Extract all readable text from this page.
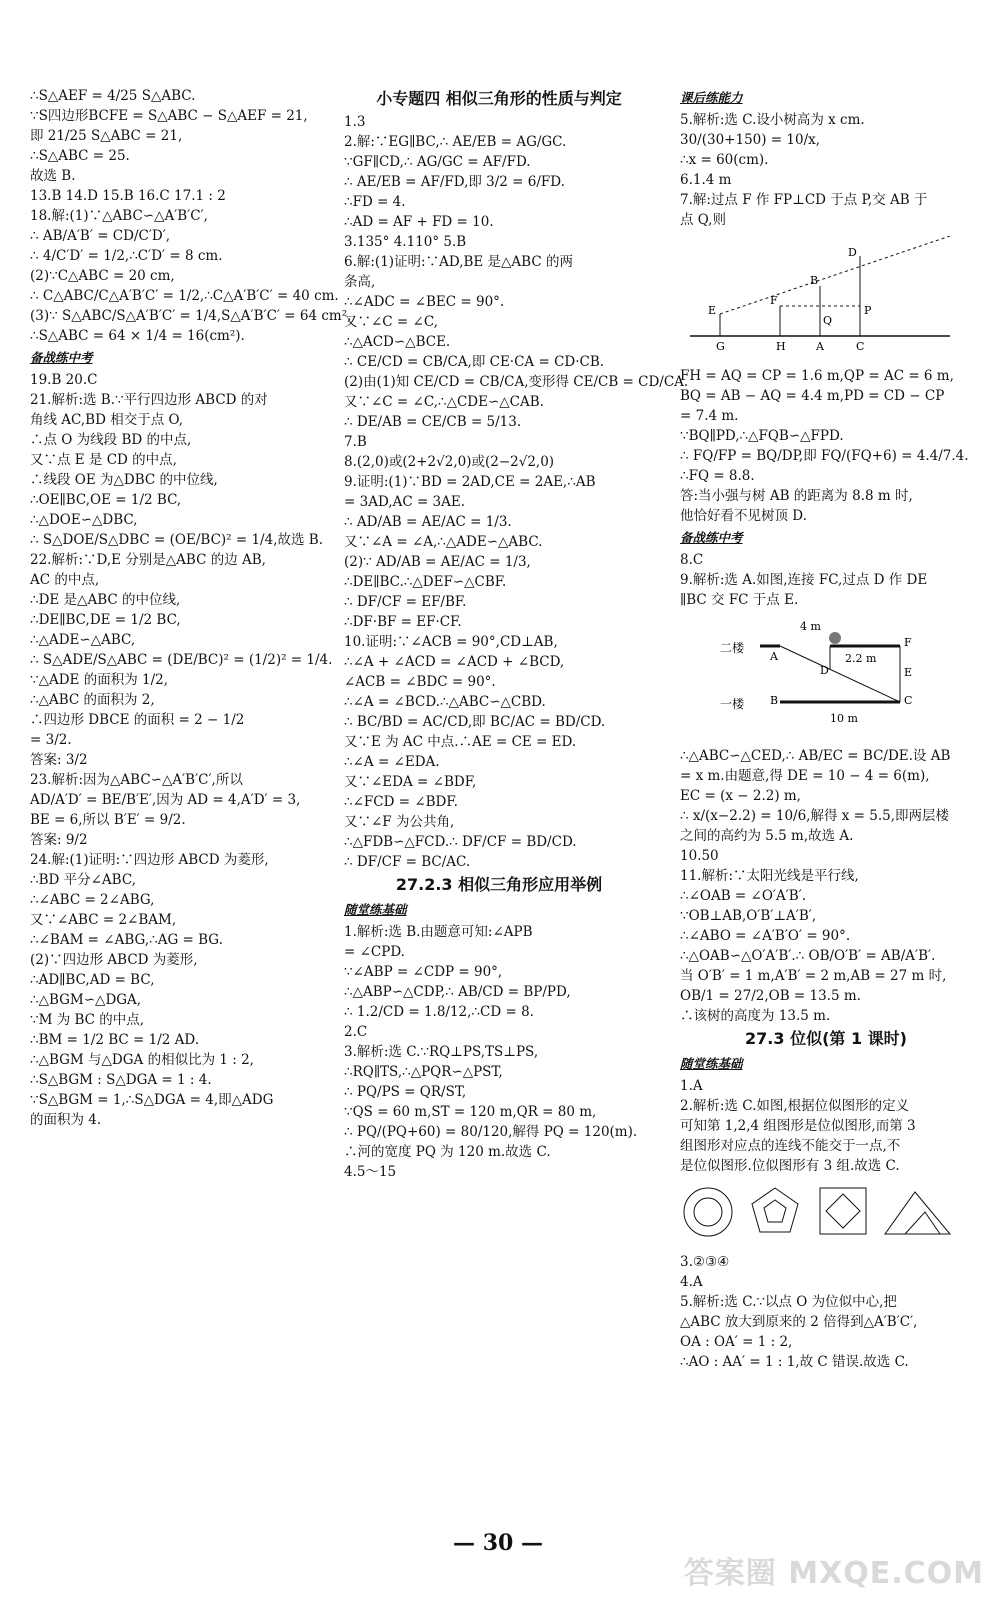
∴S△AEF = 4/25 S△ABC.
∵S四边形BCFE = S△ABC − S△AEF = 21,
即 21/25 S△ABC = 21,
∴S△ABC = 25.
故选 B.
13.B 14.D 15.B 16.C 17.1 : 2
18.解:(1)∵△ABC∽△A′B′C′,
∴ AB/A′B′ = CD/C′D′,
∴ 4/C′D′ = 1/2,∴C′D′ = 8 cm.
(2)∵C△ABC = 20 cm,
∴ C△ABC/C△A′B′C′ = 1/2,∴C△A′B′C′ = 40 cm.
(3)∵ S△ABC/S△A′B′C′ = 1/4,S△A′B′C′ = 64 cm²,
∴S△ABC = 64 × 1/4 = 16(cm²).
备战练中考
19.B 20.C
21.解析:选 B.∵平行四边形 ABCD 的对
角线 AC,BD 相交于点 O,
∴点 O 为线段 BD 的中点,
又∵点 E 是 CD 的中点,
∴线段 OE 为△DBC 的中位线,
∴OE∥BC,OE = 1/2 BC,
∴△DOE∽△DBC,
∴ S△DOE/S△DBC = (OE/BC)² = 1/4,故选 B.
22.解析:∵D,E 分别是△ABC 的边 AB,
AC 的中点,
∴DE 是△ABC 的中位线,
∴DE∥BC,DE = 1/2 BC,
∴△ADE∽△ABC,
∴ S△ADE/S△ABC = (DE/BC)² = (1/2)² = 1/4.
∵△ADE 的面积为 1/2,
∴△ABC 的面积为 2,
∴四边形 DBCE 的面积 = 2 − 1/2
= 3/2.
答案: 3/2
23.解析:因为△ABC∽△A′B′C′,所以
AD/A′D′ = BE/B′E′,因为 AD = 4,A′D′ = 3,
BE = 6,所以 B′E′ = 9/2.
答案: 9/2
24.解:(1)证明:∵四边形 ABCD 为菱形,
∴BD 平分∠ABC,
∴∠ABC = 2∠ABG,
又∵∠ABC = 2∠BAM,
∴∠BAM = ∠ABG,∴AG = BG.
(2)∵四边形 ABCD 为菱形,
∴AD∥BC,AD = BC,
∴△BGM∽△DGA,
∵M 为 BC 的中点,
∴BM = 1/2 BC = 1/2 AD.
∴△BGM 与△DGA 的相似比为 1 : 2,
∴S△BGM : S△DGA = 1 : 4.
∵S△BGM = 1,∴S△DGA = 4,即△ADG
的面积为 4.
小专题四 相似三角形的性质与判定
1.3
2.解:∵EG∥BC,∴ AE/EB = AG/GC.
∵GF∥CD,∴ AG/GC = AF/FD.
∴ AE/EB = AF/FD,即 3/2 = 6/FD.
∴FD = 4.
∴AD = AF + FD = 10.
3.135° 4.110° 5.B
6.解:(1)证明:∵AD,BE 是△ABC 的两
条高,
∴∠ADC = ∠BEC = 90°.
又∵∠C = ∠C,
∴△ACD∽△BCE.
∴ CE/CD = CB/CA,即 CE·CA = CD·CB.
(2)由(1)知 CE/CD = CB/CA,变形得 CE/CB = CD/CA.
又∵∠C = ∠C,∴△CDE∽△CAB.
∴ DE/AB = CE/CB = 5/13.
7.B
8.(2,0)或(2+2√2,0)或(2−2√2,0)
9.证明:(1)∵BD = 2AD,CE = 2AE,∴AB
= 3AD,AC = 3AE.
∴ AD/AB = AE/AC = 1/3.
又∵∠A = ∠A,∴△ADE∽△ABC.
(2)∵ AD/AB = AE/AC = 1/3,
∴DE∥BC.∴△DEF∽△CBF.
∴ DF/CF = EF/BF.
∴DF·BF = EF·CF.
10.证明:∵∠ACB = 90°,CD⊥AB,
∴∠A + ∠ACD = ∠ACD + ∠BCD,
∠ACB = ∠BDC = 90°.
∴∠A = ∠BCD.∴△ABC∽△CBD.
∴ BC/BD = AC/CD,即 BC/AC = BD/CD.
又∵E 为 AC 中点.∴AE = CE = ED.
∴∠A = ∠EDA.
又∵∠EDA = ∠BDF,
∴∠FCD = ∠BDF.
又∵∠F 为公共角,
∴△FDB∽△FCD.∴ DF/CF = BD/CD.
∴ DF/CF = BC/AC.
27.2.3 相似三角形应用举例
随堂练基础
1.解析:选 B.由题意可知:∠APB
= ∠CPD.
∵∠ABP = ∠CDP = 90°,
∴△ABP∽△CDP,∴ AB/CD = BP/PD,
∴ 1.2/CD = 1.8/12,∴CD = 8.
2.C
3.解析:选 C.∵RQ⊥PS,TS⊥PS,
∴RQ∥TS,∴△PQR∽△PST,
∴ PQ/PS = QR/ST,
∵QS = 60 m,ST = 120 m,QR = 80 m,
∴ PQ/(PQ+60) = 80/120,解得 PQ = 120(m).
∴河的宽度 PQ 为 120 m.故选 C.
4.5～15
课后练能力
5.解析:选 C.设小树高为 x cm.
30/(30+150) = 10/x,
∴x = 60(cm).
6.1.4 m
7.解:过点 F 作 FP⊥CD 于点 P,交 AB 于
点 Q,则
D
B
E
F
Q
P
G	H	A	C
FH = AQ = CP = 1.6 m,QP = AC = 6 m,
BQ = AB − AQ = 4.4 m,PD = CD − CP
= 7.4 m.
∵BQ∥PD,∴△FQB∽△FPD.
∴ FQ/FP = BQ/DP,即 FQ/(FQ+6) = 4.4/7.4.
∴FQ = 8.8.
答:当小强与树 AB 的距离为 8.8 m 时,
他恰好看不见树顶 D.
备战练中考
8.C
9.解析:选 A.如图,连接 FC,过点 D 作 DE
∥BC 交 FC 于点 E.
二楼
一楼
4 m
2.2 m
10 m
A
D
F
E
B	C
∴△ABC∽△CED,∴ AB/EC = BC/DE.设 AB
= x m.由题意,得 DE = 10 − 4 = 6(m),
EC = (x − 2.2) m,
∴ x/(x−2.2) = 10/6,解得 x = 5.5,即两层楼
之间的高约为 5.5 m,故选 A.
10.50
11.解析:∵太阳光线是平行线,
∴∠OAB = ∠O′A′B′.
∵OB⊥AB,O′B′⊥A′B′,
∴∠ABO = ∠A′B′O′ = 90°.
∴△OAB∽△O′A′B′.∴ OB/O′B′ = AB/A′B′.
当 O′B′ = 1 m,A′B′ = 2 m,AB = 27 m 时,
OB/1 = 27/2,OB = 13.5 m.
∴该树的高度为 13.5 m.
27.3 位似(第 1 课时)
随堂练基础
1.A
2.解析:选 C.如图,根据位似图形的定义
可知第 1,2,4 组图形是位似图形,而第 3
组图形对应点的连线不能交于一点,不
是位似图形.位似图形有 3 组.故选 C.
3.②③④
4.A
5.解析:选 C.∵以点 O 为位似中心,把
△ABC 放大到原来的 2 倍得到△A′B′C′,
OA : OA′ = 1 : 2,
∴AO : AA′ = 1 : 1,故 C 错误.故选 C.
— 30 —
答案圈 MXQE.COM
